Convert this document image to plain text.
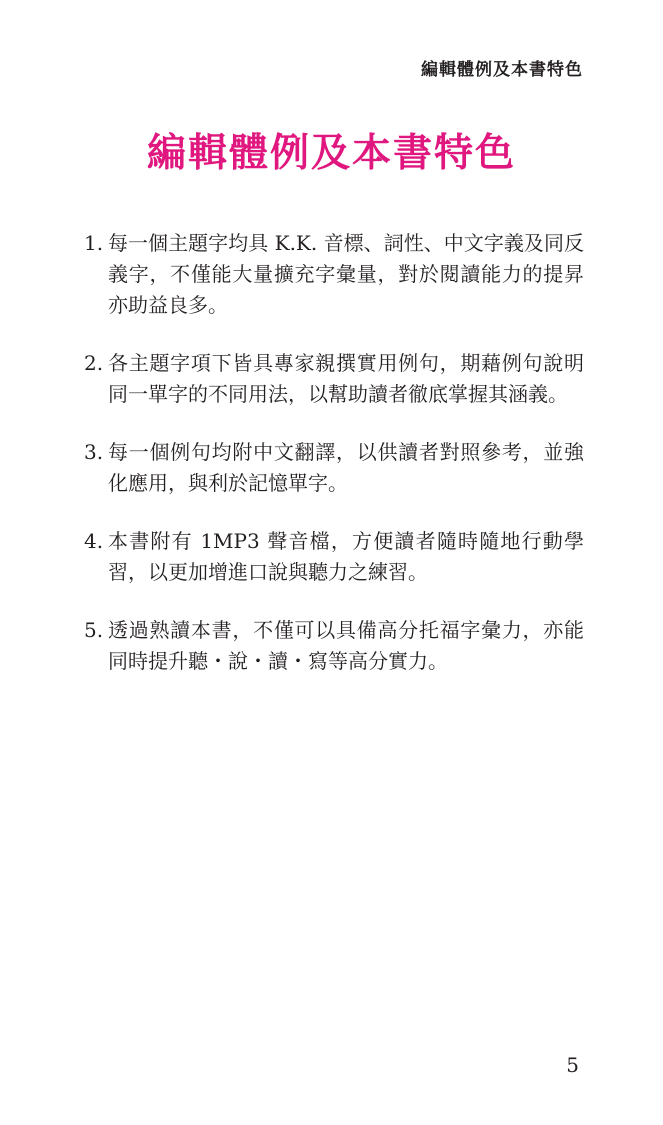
編輯體例及本書特色
編輯體例及本書特色
1. 每一個主題字均具 K.K. 音標、詞性、中文字義及同反義字，不僅能大量擴充字彙量，對於閱讀能力的提昇亦助益良多。
2. 各主題字項下皆具專家親撰實用例句，期藉例句說明同一單字的不同用法，以幫助讀者徹底掌握其涵義。
3. 每一個例句均附中文翻譯，以供讀者對照參考，並強化應用，與利於記憶單字。
4. 本書附有 1MP3 聲音檔，方便讀者隨時隨地行動學習，以更加增進口說與聽力之練習。
5. 透過熟讀本書，不僅可以具備高分托福字彙力，亦能同時提升聽・說・讀・寫等高分實力。
5
